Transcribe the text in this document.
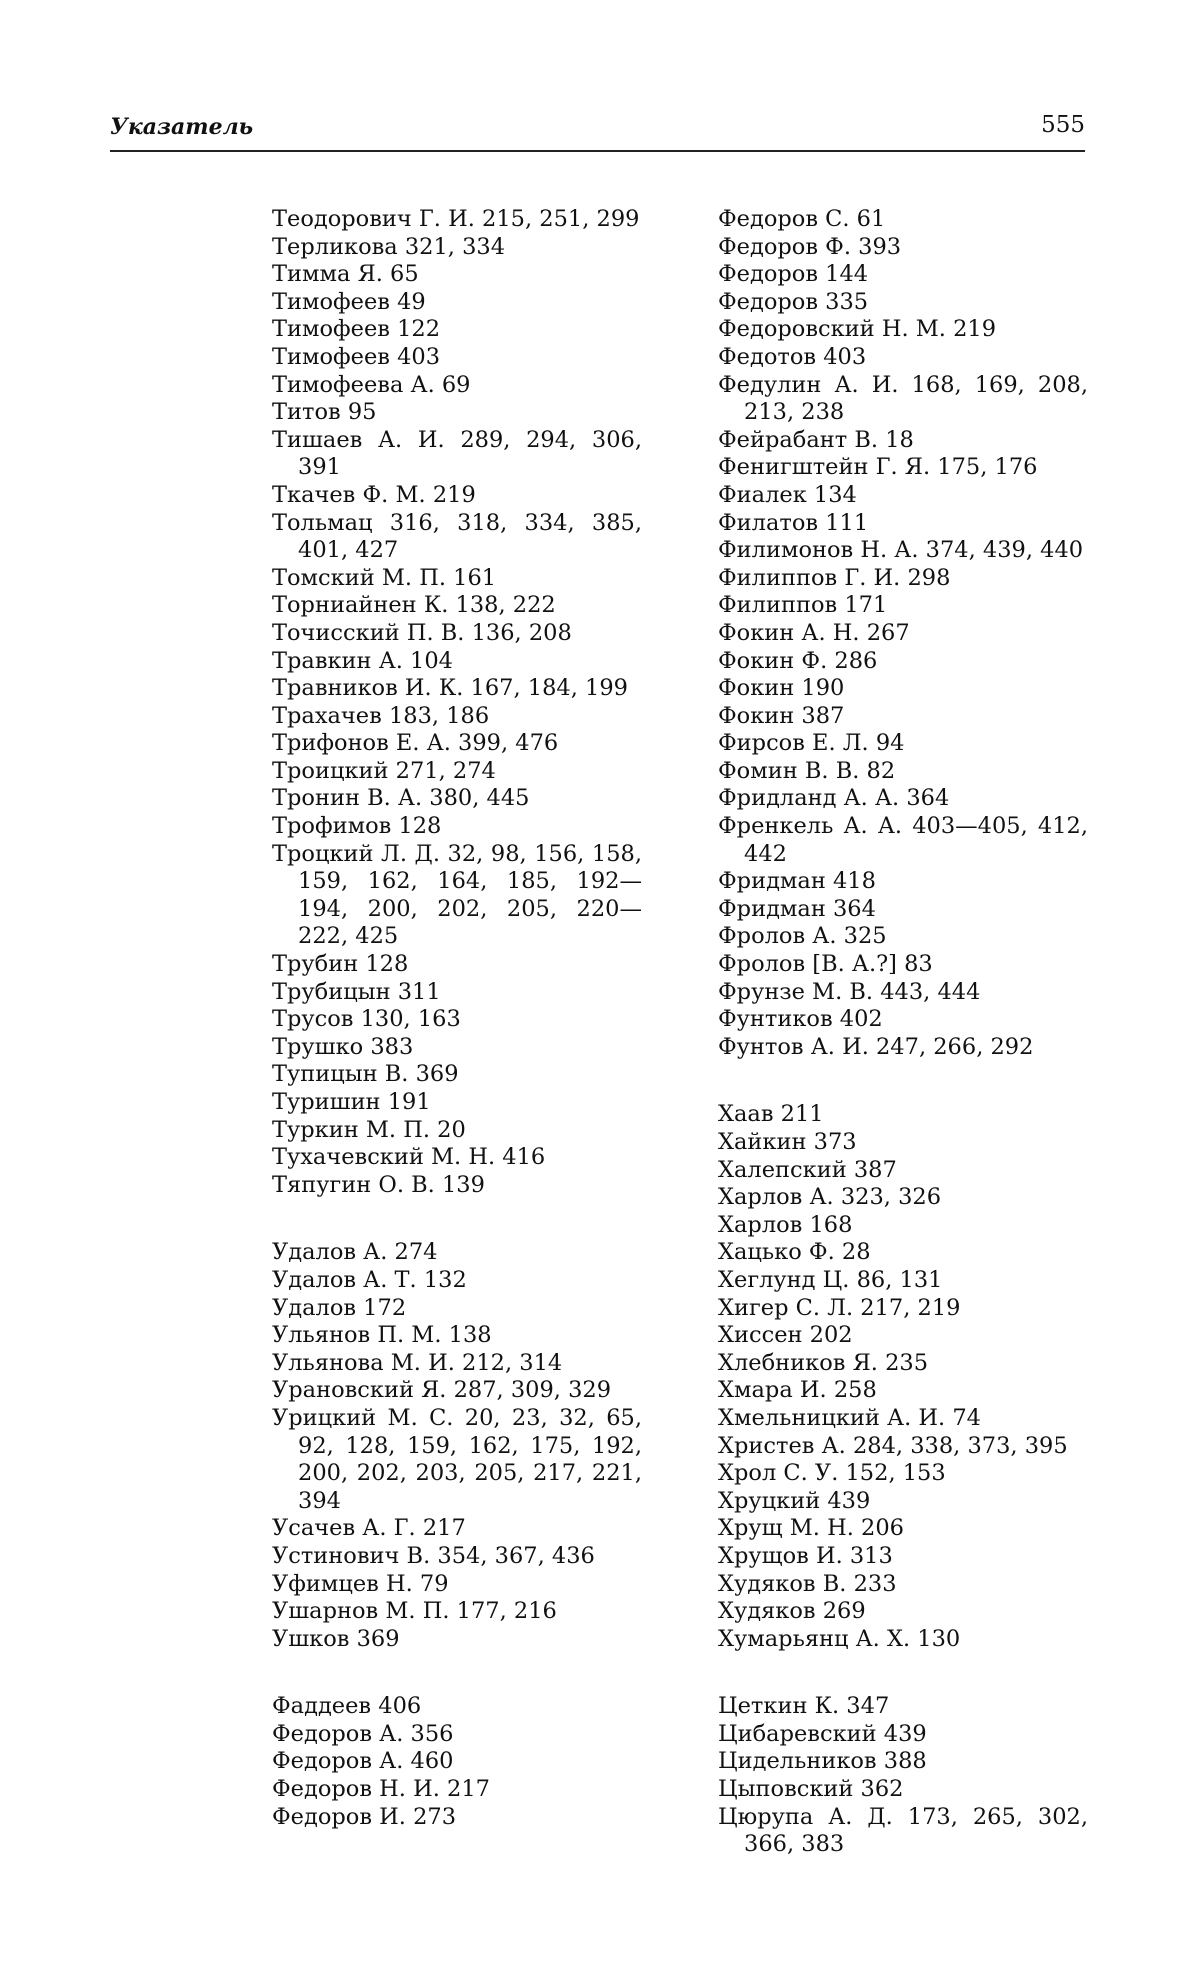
Указатель	555
Теодорович Г. И. 215, 251, 299
Терликова 321, 334
Тимма Я. 65
Тимофеев 49
Тимофеев 122
Тимофеев 403
Тимофеева А. 69
Титов 95
Тишаев А. И. 289, 294, 306, 391
Ткачев Ф. М. 219
Тольмац 316, 318, 334, 385, 401, 427
Томский М. П. 161
Торниайнен К. 138, 222
Точисский П. В. 136, 208
Травкин А. 104
Травников И. К. 167, 184, 199
Трахачев 183, 186
Трифонов Е. А. 399, 476
Троицкий 271, 274
Тронин В. А. 380, 445
Трофимов 128
Троцкий Л. Д. 32, 98, 156, 158, 159, 162, 164, 185, 192—194, 200, 202, 205, 220—222, 425
Трубин 128
Трубицын 311
Трусов 130, 163
Трушко 383
Тупицын В. 369
Туришин 191
Туркин М. П. 20
Тухачевский М. Н. 416
Тяпугин О. В. 139
Удалов А. 274
Удалов А. Т. 132
Удалов 172
Ульянов П. М. 138
Ульянова М. И. 212, 314
Урановский Я. 287, 309, 329
Урицкий М. С. 20, 23, 32, 65, 92, 128, 159, 162, 175, 192, 200, 202, 203, 205, 217, 221, 394
Усачев А. Г. 217
Устинович В. 354, 367, 436
Уфимцев Н. 79
Ушарнов М. П. 177, 216
Ушков 369
Фаддеев 406
Федоров А. 356
Федоров А. 460
Федоров Н. И. 217
Федоров И. 273
Федоров С. 61
Федоров Ф. 393
Федоров 144
Федоров 335
Федоровский Н. М. 219
Федотов 403
Федулин А. И. 168, 169, 208, 213, 238
Фейрабант В. 18
Фенигштейн Г. Я. 175, 176
Фиалек 134
Филатов 111
Филимонов Н. А. 374, 439, 440
Филиппов Г. И. 298
Филиппов 171
Фокин А. Н. 267
Фокин Ф. 286
Фокин 190
Фокин 387
Фирсов Е. Л. 94
Фомин В. В. 82
Фридланд А. А. 364
Френкель А. А. 403—405, 412, 442
Фридман 418
Фридман 364
Фролов А. 325
Фролов [В. А.?] 83
Фрунзе М. В. 443, 444
Фунтиков 402
Фунтов А. И. 247, 266, 292
Хаав 211
Хайкин 373
Халепский 387
Харлов А. 323, 326
Харлов 168
Хацько Ф. 28
Хеглунд Ц. 86, 131
Хигер С. Л. 217, 219
Хиссен 202
Хлебников Я. 235
Хмара И. 258
Хмельницкий А. И. 74
Христев А. 284, 338, 373, 395
Хрол С. У. 152, 153
Хруцкий 439
Хрущ М. Н. 206
Хрущов И. 313
Худяков В. 233
Худяков 269
Хумарьянц А. Х. 130
Цеткин К. 347
Цибаревский 439
Цидельников 388
Цыповский 362
Цюрупа А. Д. 173, 265, 302, 366, 383
